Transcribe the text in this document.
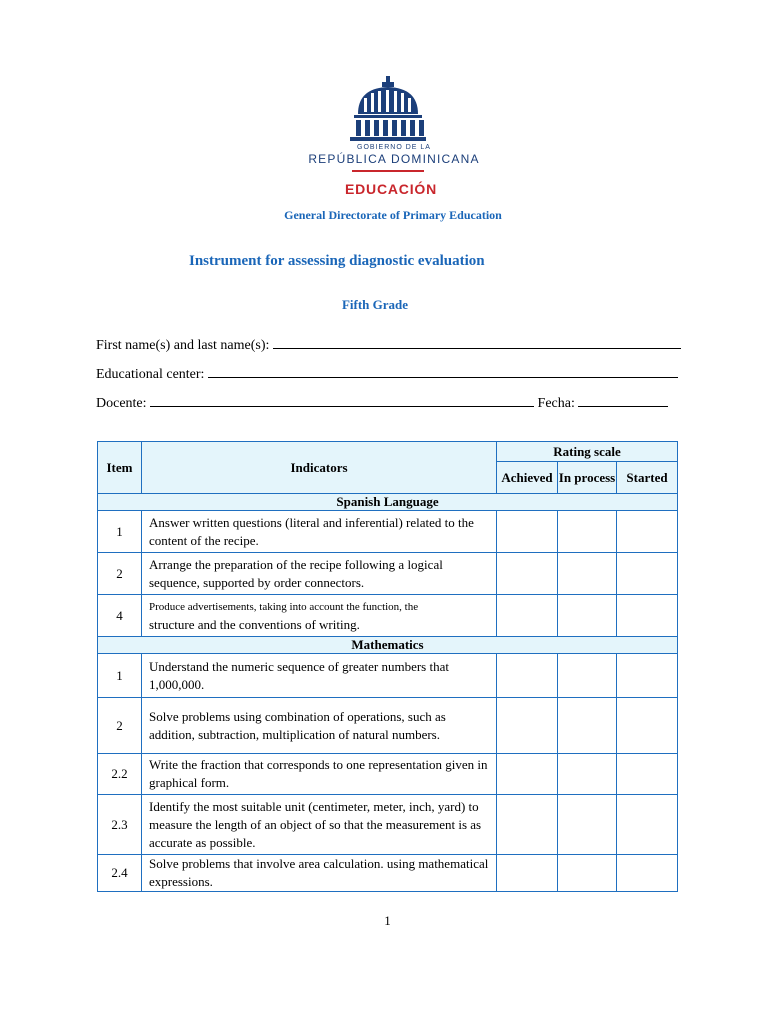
GOBIERNO DE LA
REPÚBLICA DOMINICANA
EDUCACIÓN
General Directorate of Primary Education
Instrument for assessing diagnostic evaluation
Fifth Grade
First name(s) and last name(s):
Educational center:
Docente:	Fecha:
Item	Indicators	Rating scale		
		Achieved	In process	Started
Spanish Language				
1	Answer written questions (literal and inferential) related to the content of the recipe.			
2	Arrange the preparation of the recipe following a logical sequence, supported by order connectors.			
4	Produce advertisements, taking into account the function, the
structure and the conventions of writing.			

Mathematics				
1	Understand the numeric sequence of greater numbers that 1,000,000.			
2	Solve problems using combination of operations, such as addition, subtraction, multiplication of natural numbers.			
2.2	Write the fraction that corresponds to one representation given in graphical form.			
2.3	Identify the most suitable unit (centimeter, meter, inch, yard) to measure the length of an object of so that the measurement is as accurate as possible.			
2.4	Solve problems that involve area calculation. using mathematical expressions.			
1
